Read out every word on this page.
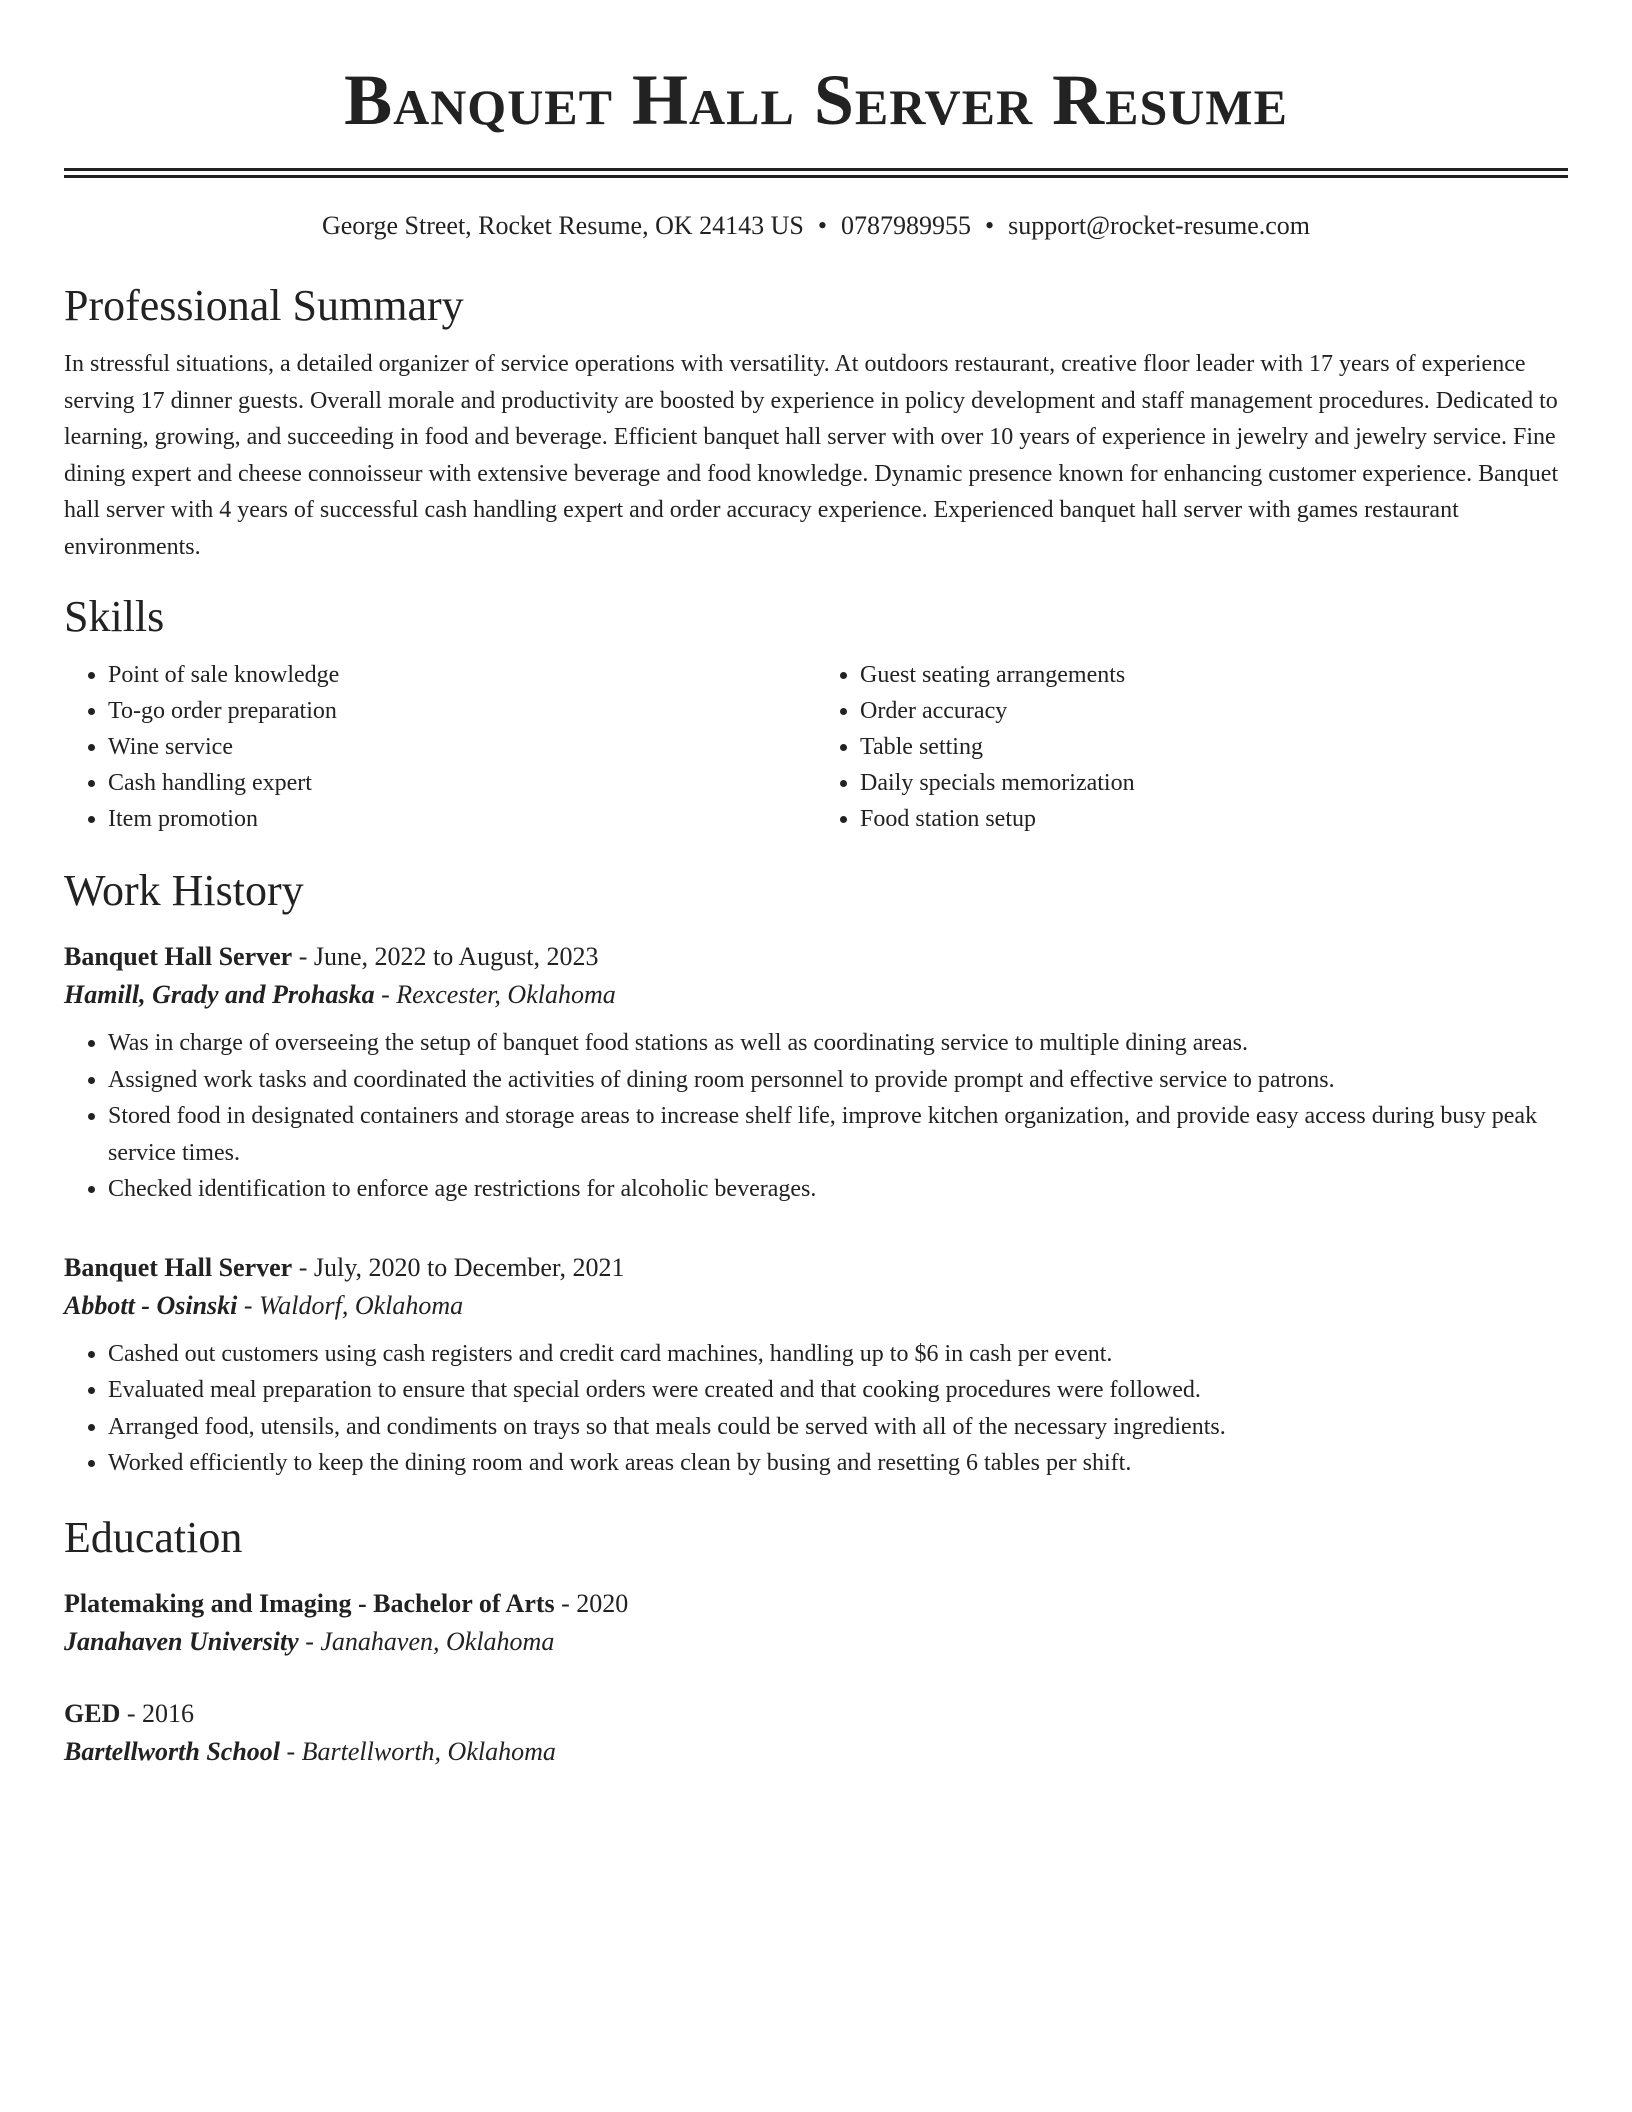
Banquet Hall Server Resume
George Street, Rocket Resume, OK 24143 US • 0787989955 • support@rocket-resume.com
Professional Summary

In stressful situations, a detailed organizer of service operations with versatility. At outdoors restaurant, creative floor leader with 17 years of experience serving 17 dinner guests. Overall morale and productivity are boosted by experience in policy development and staff management procedures. Dedicated to learning, growing, and succeeding in food and beverage. Efficient banquet hall server with over 10 years of experience in jewelry and jewelry service. Fine dining expert and cheese connoisseur with extensive beverage and food knowledge. Dynamic presence known for enhancing customer experience. Banquet hall server with 4 years of successful cash handling expert and order accuracy experience. Experienced banquet hall server with games restaurant environments.

Skills
• Point of sale knowledge
• To-go order preparation
• Wine service
• Cash handling expert
• Item promotion
• Guest seating arrangements
• Order accuracy
• Table setting
• Daily specials memorization
• Food station setup
Work History
Banquet Hall Server - June, 2022 to August, 2023
Hamill, Grady and Prohaska - Rexcester, Oklahoma
• Was in charge of overseeing the setup of banquet food stations as well as coordinating service to multiple dining areas.
• Assigned work tasks and coordinated the activities of dining room personnel to provide prompt and effective service to patrons.
• Stored food in designated containers and storage areas to increase shelf life, improve kitchen organization, and provide easy access during busy peak service times.
• Checked identification to enforce age restrictions for alcoholic beverages.
Banquet Hall Server - July, 2020 to December, 2021
Abbott - Osinski - Waldorf, Oklahoma
• Cashed out customers using cash registers and credit card machines, handling up to $6 in cash per event.
• Evaluated meal preparation to ensure that special orders were created and that cooking procedures were followed.
• Arranged food, utensils, and condiments on trays so that meals could be served with all of the necessary ingredients.
• Worked efficiently to keep the dining room and work areas clean by busing and resetting 6 tables per shift.
Education
Platemaking and Imaging - Bachelor of Arts - 2020
Janahaven University - Janahaven, Oklahoma
GED - 2016
Bartellworth School - Bartellworth, Oklahoma
